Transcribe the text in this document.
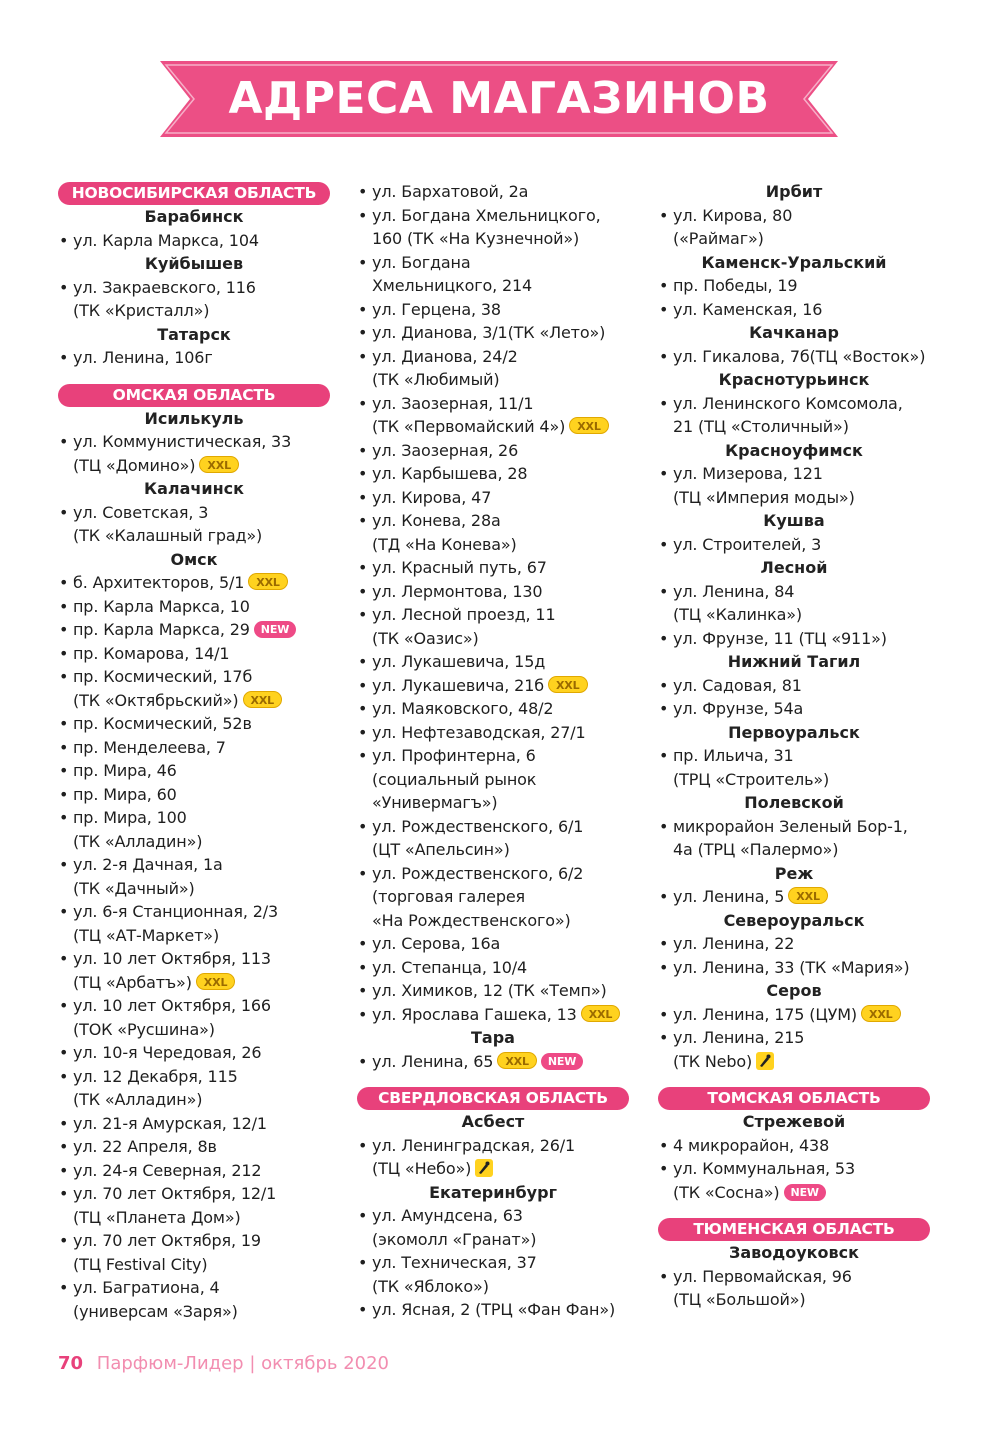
АДРЕСА МАГАЗИНОВ
НОВОСИБИРСКАЯ ОБЛАСТЬ
Барабинск
• ул. Карла Маркса, 104
Куйбышев
• ул. Закраевского, 116
(ТК «Кристалл»)
Татарск
• ул. Ленина, 106г
ОМСКАЯ ОБЛАСТЬ
Исилькуль
• ул. Коммунистическая, 33
(ТЦ «Домино») XXL
Калачинск
• ул. Советская, 3
(ТК «Калашный град»)
Омск
• б. Архитекторов, 5/1 XXL
• пр. Карла Маркса, 10
• пр. Карла Маркса, 29 NEW
• пр. Комарова, 14/1
• пр. Космический, 17б
(ТК «Октябрьский») XXL
• пр. Космический, 52в
• пр. Менделеева, 7
• пр. Мира, 46
• пр. Мира, 60
• пр. Мира, 100
(ТК «Алладин»)
• ул. 2-я Дачная, 1а
(ТК «Дачный»)
• ул. 6-я Станционная, 2/3
(ТЦ «АТ-Маркет»)
• ул. 10 лет Октября, 113
(ТЦ «Арбатъ») XXL
• ул. 10 лет Октября, 166
(ТОК «Русшина»)
• ул. 10-я Чередовая, 26
• ул. 12 Декабря, 115
(ТК «Алладин»)
• ул. 21-я Амурская, 12/1
• ул. 22 Апреля, 8в
• ул. 24-я Северная, 212
• ул. 70 лет Октября, 12/1
(ТЦ «Планета Дом»)
• ул. 70 лет Октября, 19
(ТЦ Festival City)
• ул. Багратиона, 4
(универсам «Заря»)
• ул. Бархатовой, 2а
• ул. Богдана Хмельницкого,
160 (ТК «На Кузнечной»)
• ул. Богдана
Хмельницкого, 214
• ул. Герцена, 38
• ул. Дианова, 3/1(ТК «Лето»)
• ул. Дианова, 24/2
(ТК «Любимый)
• ул. Заозерная, 11/1
(ТК «Первомайский 4») XXL
• ул. Заозерная, 26
• ул. Карбышева, 28
• ул. Кирова, 47
• ул. Конева, 28а
(ТД «На Конева»)
• ул. Красный путь, 67
• ул. Лермонтова, 130
• ул. Лесной проезд, 11
(ТК «Оазис»)
• ул. Лукашевича, 15д
• ул. Лукашевича, 21б XXL
• ул. Маяковского, 48/2
• ул. Нефтезаводская, 27/1
• ул. Профинтерна, 6
(социальный рынок
«Универмагъ»)
• ул. Рождественского, 6/1
(ЦТ «Апельсин»)
• ул. Рождественского, 6/2
(торговая галерея
«На Рождественского»)
• ул. Серова, 16а
• ул. Степанца, 10/4
• ул. Химиков, 12 (ТК «Темп»)
• ул. Ярослава Гашека, 13 XXL
Тара
• ул. Ленина, 65 XXL NEW
СВЕРДЛОВСКАЯ ОБЛАСТЬ
Асбест
• ул. Ленинградская, 26/1
(ТЦ «Небо»)
Екатеринбург
• ул. Амундсена, 63
(экомолл «Гранат»)
• ул. Техническая, 37
(ТК «Яблоко»)
• ул. Ясная, 2 (ТРЦ «Фан Фан»)
Ирбит
• ул. Кирова, 80
(«Раймаг»)
Каменск-Уральский
• пр. Победы, 19
• ул. Каменская, 16
Качканар
• ул. Гикалова, 7б(ТЦ «Восток»)
Краснотурьинск
• ул. Ленинского Комсомола,
21 (ТЦ «Столичный»)
Красноуфимск
• ул. Мизерова, 121
(ТЦ «Империя моды»)
Кушва
• ул. Строителей, 3
Лесной
• ул. Ленина, 84
(ТЦ «Калинка»)
• ул. Фрунзе, 11 (ТЦ «911»)
Нижний Тагил
• ул. Садовая, 81
• ул. Фрунзе, 54а
Первоуральск
• пр. Ильича, 31
(ТРЦ «Строитель»)
Полевской
• микрорайон Зеленый Бор-1,
4а (ТРЦ «Палермо»)
Реж
• ул. Ленина, 5 XXL
Североуральск
• ул. Ленина, 22
• ул. Ленина, 33 (ТК «Мария»)
Серов
• ул. Ленина, 175 (ЦУМ) XXL
• ул. Ленина, 215
(ТК Nebo)
ТОМСКАЯ ОБЛАСТЬ
Стрежевой
• 4 микрорайон, 438
• ул. Коммунальная, 53
(ТК «Сосна») NEW
ТЮМЕНСКАЯ ОБЛАСТЬ
Заводоуковск
• ул. Первомайская, 96
(ТЦ «Большой»)
70 Парфюм-Лидер | октябрь 2020
